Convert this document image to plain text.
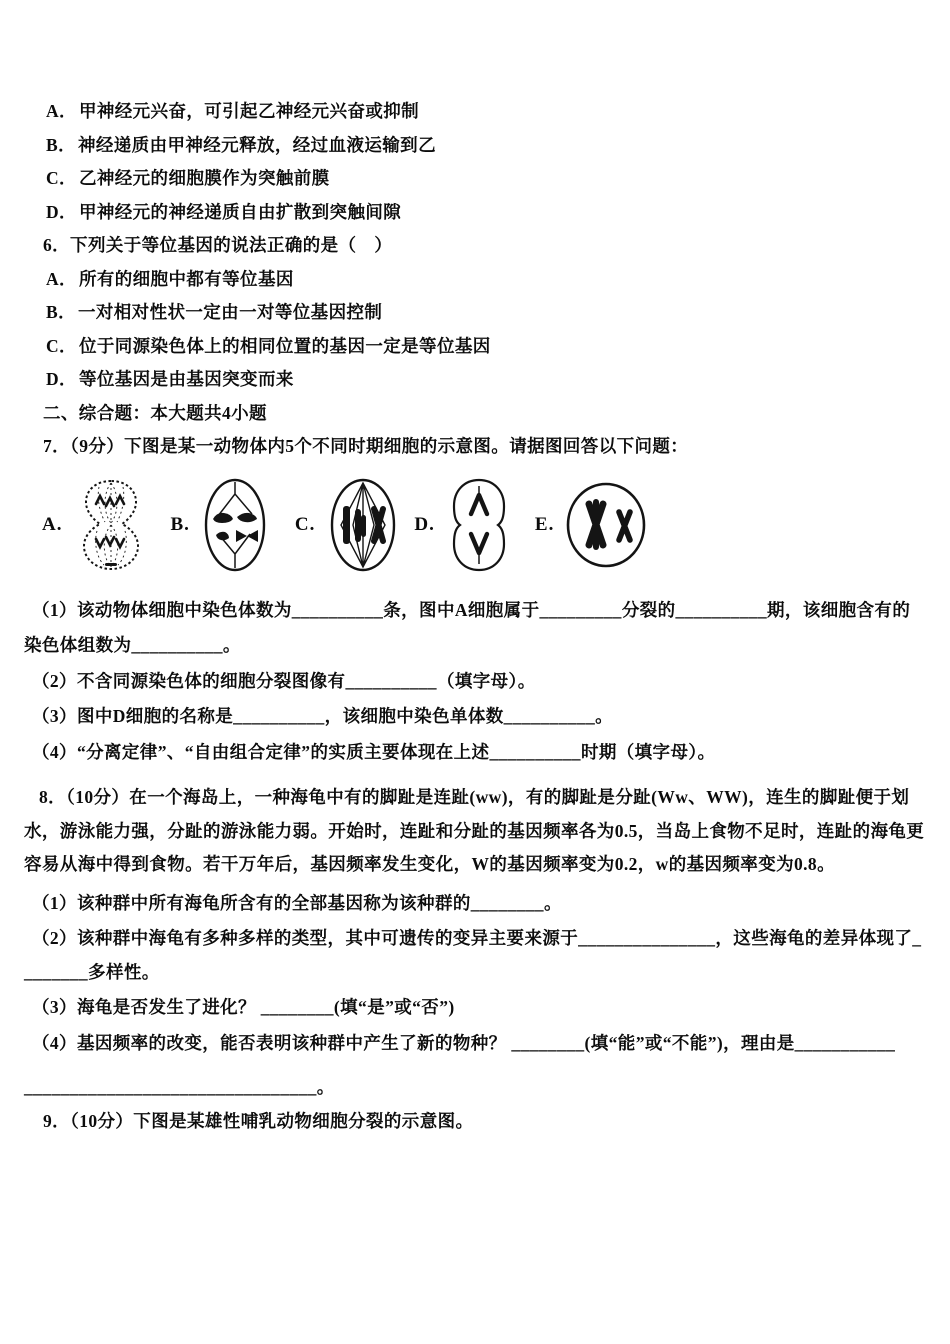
A． 甲神经元兴奋，可引起乙神经元兴奋或抑制
B． 神经递质由甲神经元释放，经过血液运输到乙
C． 乙神经元的细胞膜作为突触前膜
D． 甲神经元的神经递质自由扩散到突触间隙
6．下列关于等位基因的说法正确的是（　）
A． 所有的细胞中都有等位基因
B． 一对相对性状一定由一对等位基因控制
C． 位于同源染色体上的相同位置的基因一定是等位基因
D． 等位基因是由基因突变而来
二、综合题：本大题共4小题
7．（9分）下图是某一动物体内5个不同时期细胞的示意图。请据图回答以下问题：
A.	B.	C.	D.	E.

（1）该动物体细胞中染色体数为__________条，图中A细胞属于_________分裂的__________期，该细胞含有的染色体组数为__________。

（2）不含同源染色体的细胞分裂图像有__________（填字母）。

（3）图中D细胞的名称是__________，该细胞中染色单体数__________。

（4）“分离定律”、“自由组合定律”的实质主要体现在上述__________时期（填字母）。

8．（10分）在一个海岛上，一种海龟中有的脚趾是连趾(ww)，有的脚趾是分趾(Ww、WW)，连生的脚趾便于划水，游泳能力强，分趾的游泳能力弱。开始时，连趾和分趾的基因频率各为0.5，当岛上食物不足时，连趾的海龟更容易从海中得到食物。若干万年后，基因频率发生变化，W的基因频率变为0.2，w的基因频率变为0.8。

（1）该种群中所有海龟所含有的全部基因称为该种群的________。

（2）该种群中海龟有多种多样的类型，其中可遗传的变异主要来源于_______________，这些海龟的差异体现了________多样性。

（3）海龟是否发生了进化？ ________(填“是”或“否”)

（4）基因频率的改变，能否表明该种群中产生了新的物种？ ________(填“能”或“不能”)，理由是___________

________________________________。

9．（10分）下图是某雄性哺乳动物细胞分裂的示意图。
